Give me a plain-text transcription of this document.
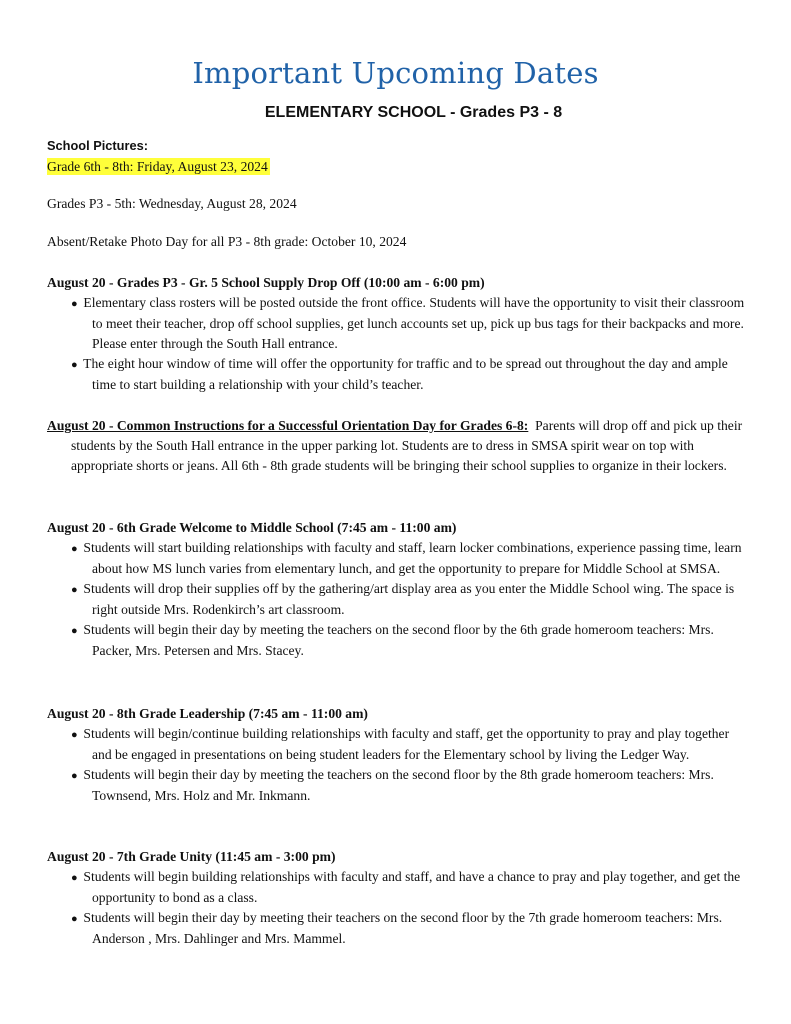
Important Upcoming Dates
ELEMENTARY SCHOOL - Grades P3 - 8
School Pictures:
Grade 6th - 8th: Friday, August 23, 2024
Grades P3 - 5th: Wednesday, August 28, 2024
Absent/Retake Photo Day for all P3 - 8th grade: October 10, 2024
August 20 - Grades P3 - Gr. 5 School Supply Drop Off (10:00 am - 6:00 pm)
● Elementary class rosters will be posted outside the front office. Students will have the opportunity to visit their classroom to meet their teacher, drop off school supplies, get lunch accounts set up, pick up bus tags for their backpacks and more. Please enter through the South Hall entrance.
● The eight hour window of time will offer the opportunity for traffic and to be spread out throughout the day and ample time to start building a relationship with your child’s teacher.
August 20 - Common Instructions for a Successful Orientation Day for Grades 6-8: Parents will drop off and pick up their students by the South Hall entrance in the upper parking lot. Students are to dress in SMSA spirit wear on top with appropriate shorts or jeans. All 6th - 8th grade students will be bringing their school supplies to organize in their lockers.
August 20 - 6th Grade Welcome to Middle School (7:45 am - 11:00 am)
● Students will start building relationships with faculty and staff, learn locker combinations, experience passing time, learn about how MS lunch varies from elementary lunch, and get the opportunity to prepare for Middle School at SMSA.
● Students will drop their supplies off by the gathering/art display area as you enter the Middle School wing. The space is right outside Mrs. Rodenkirch’s art classroom.
● Students will begin their day by meeting the teachers on the second floor by the 6th grade homeroom teachers: Mrs. Packer, Mrs. Petersen and Mrs. Stacey.
August 20 - 8th Grade Leadership (7:45 am - 11:00 am)
● Students will begin/continue building relationships with faculty and staff, get the opportunity to pray and play together and be engaged in presentations on being student leaders for the Elementary school by living the Ledger Way.
● Students will begin their day by meeting the teachers on the second floor by the 8th grade homeroom teachers: Mrs. Townsend, Mrs. Holz and Mr. Inkmann.
August 20 - 7th Grade Unity (11:45 am - 3:00 pm)
● Students will begin building relationships with faculty and staff, and have a chance to pray and play together, and get the opportunity to bond as a class.
● Students will begin their day by meeting their teachers on the second floor by the 7th grade homeroom teachers: Mrs. Anderson , Mrs. Dahlinger and Mrs. Mammel.
